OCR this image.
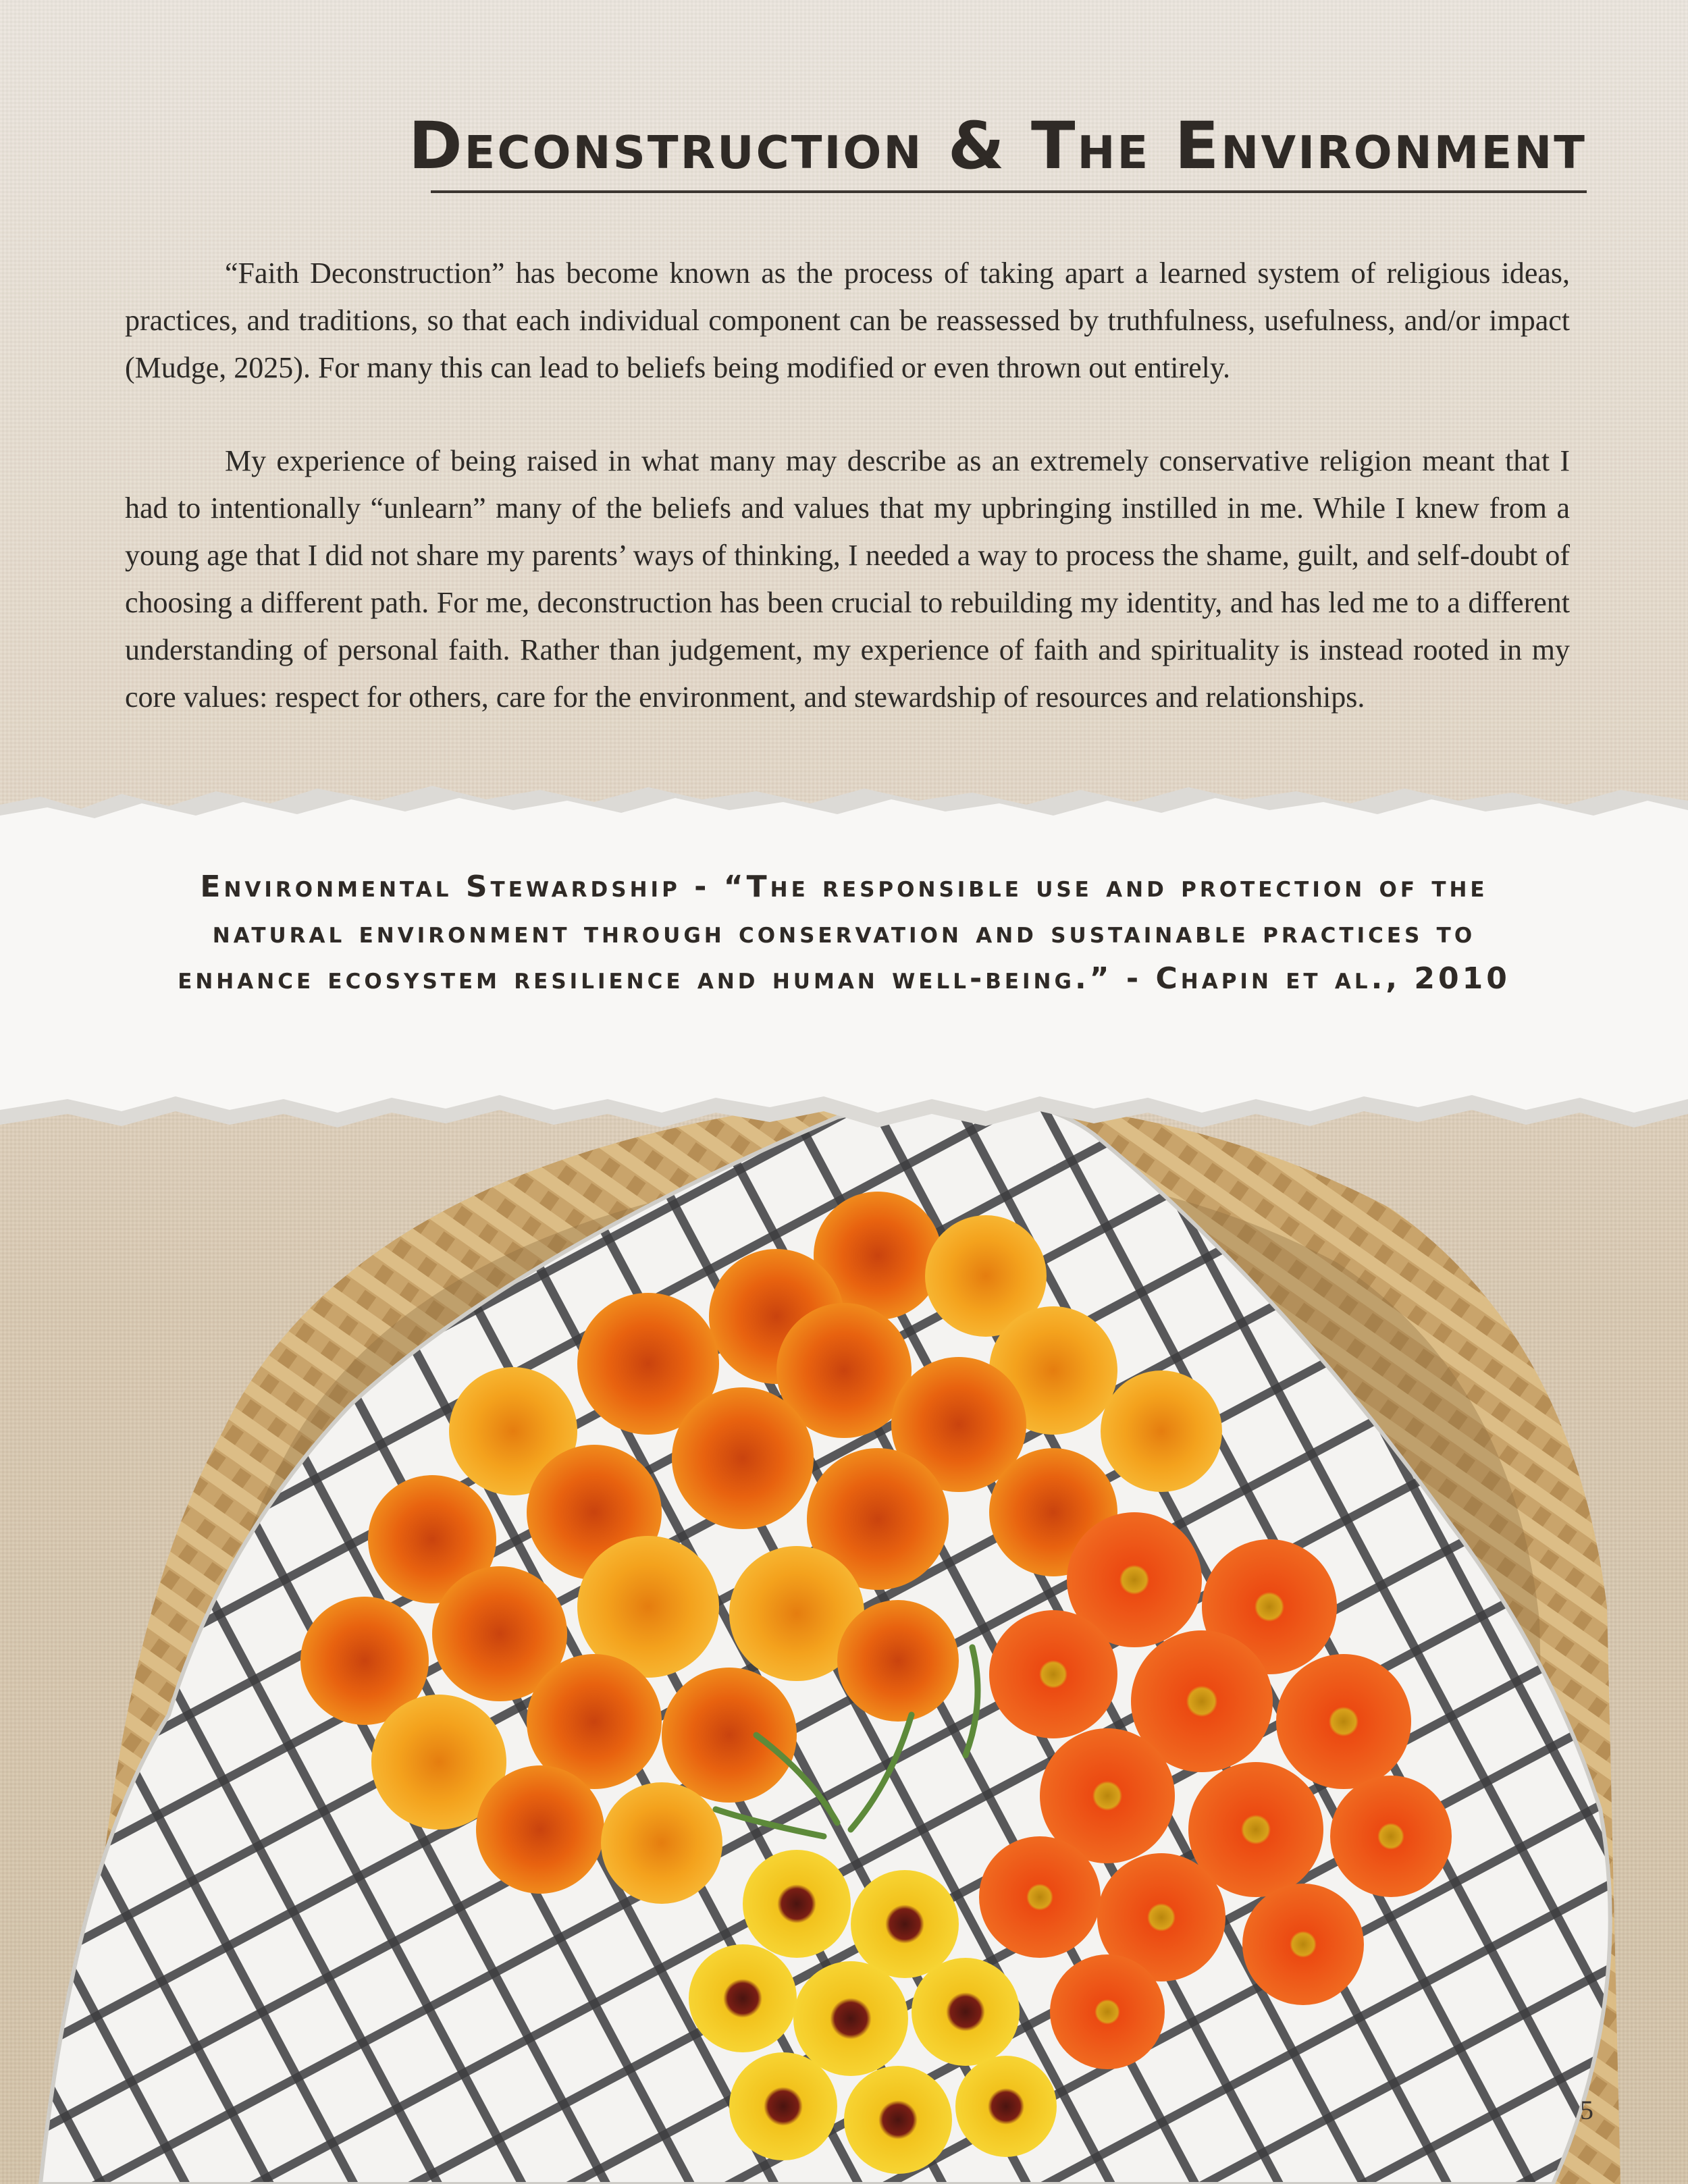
Deconstruction & The Environment

“Faith Deconstruction” has become known as the process of taking apart a learned system of religious ideas, practices, and traditions, so that each individual component can be reassessed by truthfulness, usefulness, and/or impact (Mudge, 2025). For many this can lead to beliefs being modified or even thrown out entirely.

My experience of being raised in what many may describe as an extremely conservative religion meant that I had to intentionally “unlearn” many of the beliefs and values that my upbringing instilled in me. While I knew from a young age that I did not share my parents’ ways of thinking, I needed a way to process the shame, guilt, and self-doubt of choosing a different path. For me, deconstruction has been crucial to rebuilding my identity, and has led me to a different understanding of personal faith. Rather than judgement, my experience of faith and spirituality is instead rooted in my core values: respect for others, care for the environment, and stewardship of resources and relationships.

Environmental Stewardship - “The responsible use and protection of the natural environment through conservation and sustainable practices to enhance ecosystem resilience and human well-being.” - Chapin et al., 2010

5
